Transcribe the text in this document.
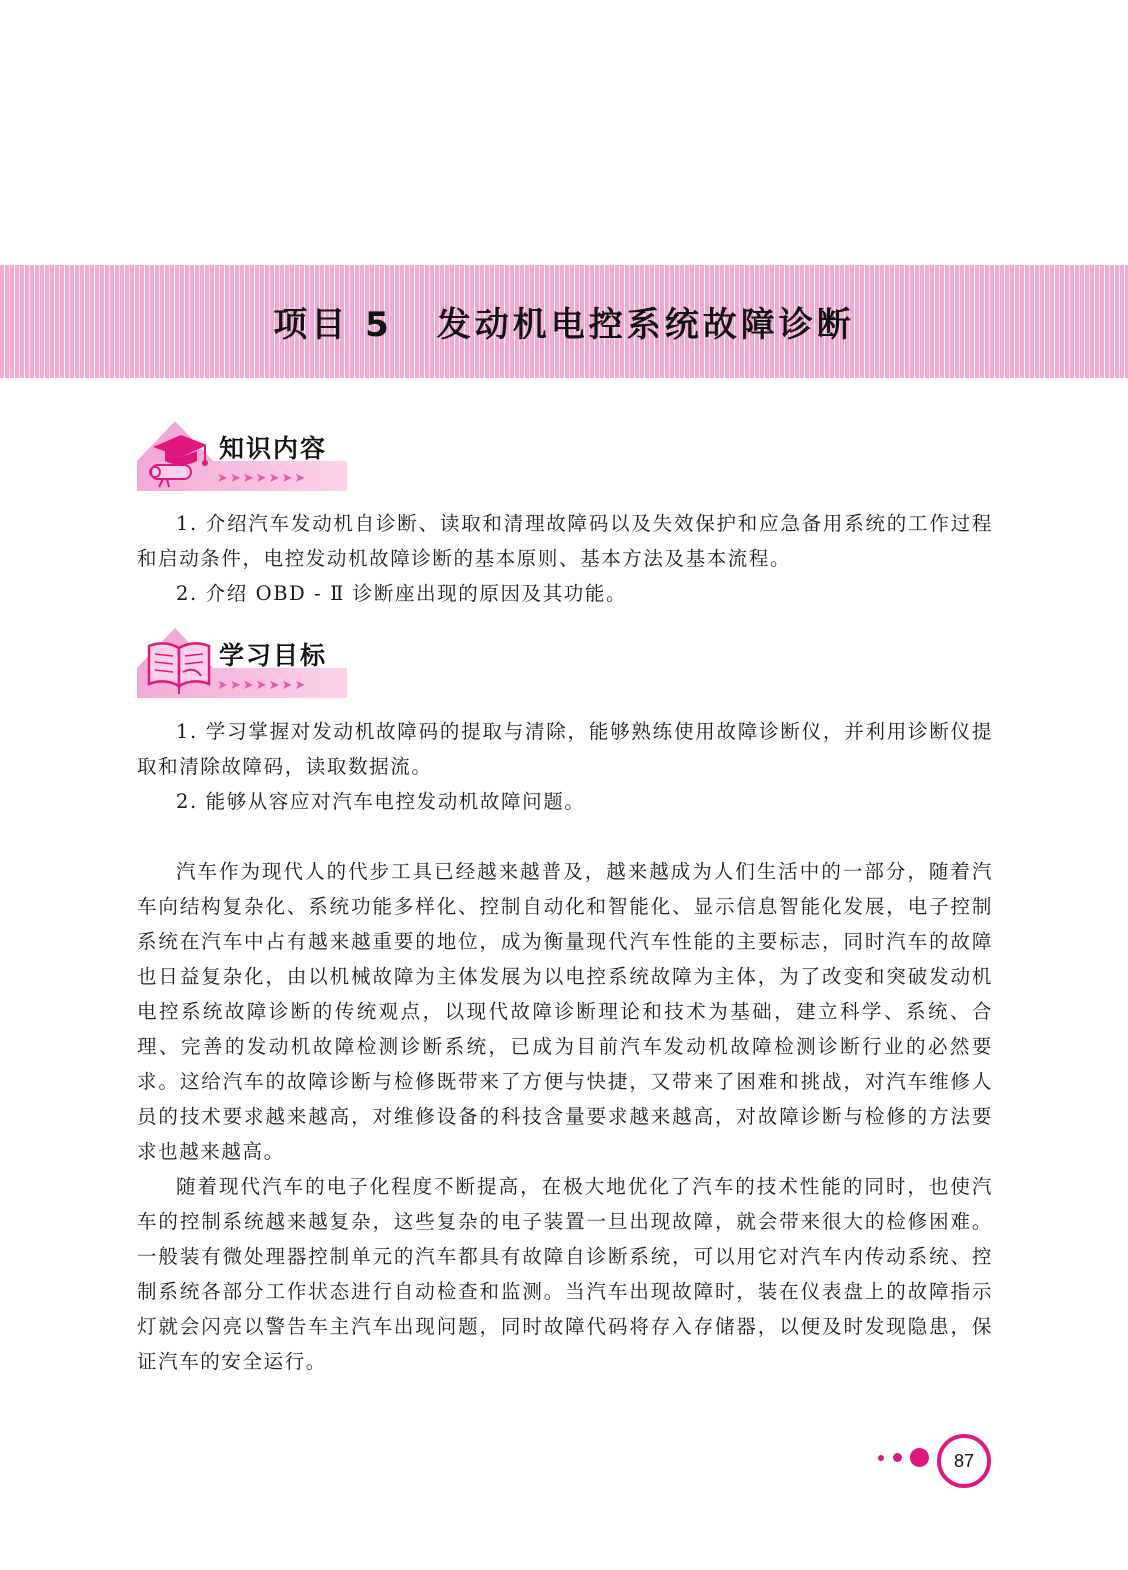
项目 5 发动机电控系统故障诊断
知识内容
➤➤➤➤➤➤➤

1. 介绍汽车发动机自诊断、读取和清理故障码以及失效保护和应急备用系统的工作过程和启动条件，电控发动机故障诊断的基本原则、基本方法及基本流程。

2. 介绍 OBD - Ⅱ 诊断座出现的原因及其功能。

学习目标
➤➤➤➤➤➤➤

1. 学习掌握对发动机故障码的提取与清除，能够熟练使用故障诊断仪，并利用诊断仪提取和清除故障码，读取数据流。

2. 能够从容应对汽车电控发动机故障问题。

汽车作为现代人的代步工具已经越来越普及，越来越成为人们生活中的一部分，随着汽车向结构复杂化、系统功能多样化、控制自动化和智能化、显示信息智能化发展，电子控制系统在汽车中占有越来越重要的地位，成为衡量现代汽车性能的主要标志，同时汽车的故障也日益复杂化，由以机械故障为主体发展为以电控系统故障为主体，为了改变和突破发动机电控系统故障诊断的传统观点，以现代故障诊断理论和技术为基础，建立科学、系统、合理、完善的发动机故障检测诊断系统，已成为目前汽车发动机故障检测诊断行业的必然要求。这给汽车的故障诊断与检修既带来了方便与快捷，又带来了困难和挑战，对汽车维修人员的技术要求越来越高，对维修设备的科技含量要求越来越高，对故障诊断与检修的方法要求也越来越高。

随着现代汽车的电子化程度不断提高，在极大地优化了汽车的技术性能的同时，也使汽车的控制系统越来越复杂，这些复杂的电子装置一旦出现故障，就会带来很大的检修困难。一般装有微处理器控制单元的汽车都具有故障自诊断系统，可以用它对汽车内传动系统、控制系统各部分工作状态进行自动检查和监测。当汽车出现故障时，装在仪表盘上的故障指示灯就会闪亮以警告车主汽车出现问题，同时故障代码将存入存储器，以便及时发现隐患，保证汽车的安全运行。

87
